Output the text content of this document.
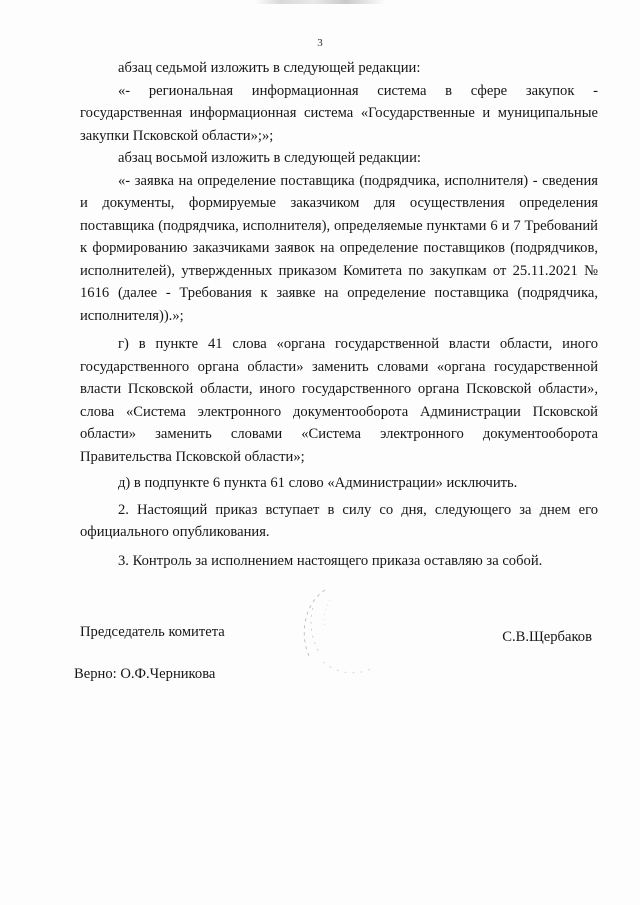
3

абзац седьмой изложить в следующей редакции:

«- региональная информационная система в сфере закупок - государственная информационная система «Государственные и муниципальные закупки Псковской области»;»;

абзац восьмой изложить в следующей редакции:

«- заявка на определение поставщика (подрядчика, исполнителя) - сведения и документы, формируемые заказчиком для осуществления определения поставщика (подрядчика, исполнителя), определяемые пунктами 6 и 7 Требований к формированию заказчиками заявок на определение поставщиков (подрядчиков, исполнителей), утвержденных приказом Комитета по закупкам от 25.11.2021 № 1616 (далее - Требования к заявке на определение поставщика (подрядчика, исполнителя)).»;

г) в пункте 41 слова «органа государственной власти области, иного государственного органа области» заменить словами «органа государственной власти Псковской области, иного государственного органа Псковской области», слова «Система электронного документооборота Администрации Псковской области» заменить словами «Система электронного документооборота Правительства Псковской области»;

д) в подпункте 6 пункта 61 слово «Администрации» исключить.

2. Настоящий приказ вступает в силу со дня, следующего за днем его официального опубликования.

3. Контроль за исполнением настоящего приказа оставляю за собой.

Председатель комитета	С.В.Щербаков
Верно: О.Ф.Черникова
